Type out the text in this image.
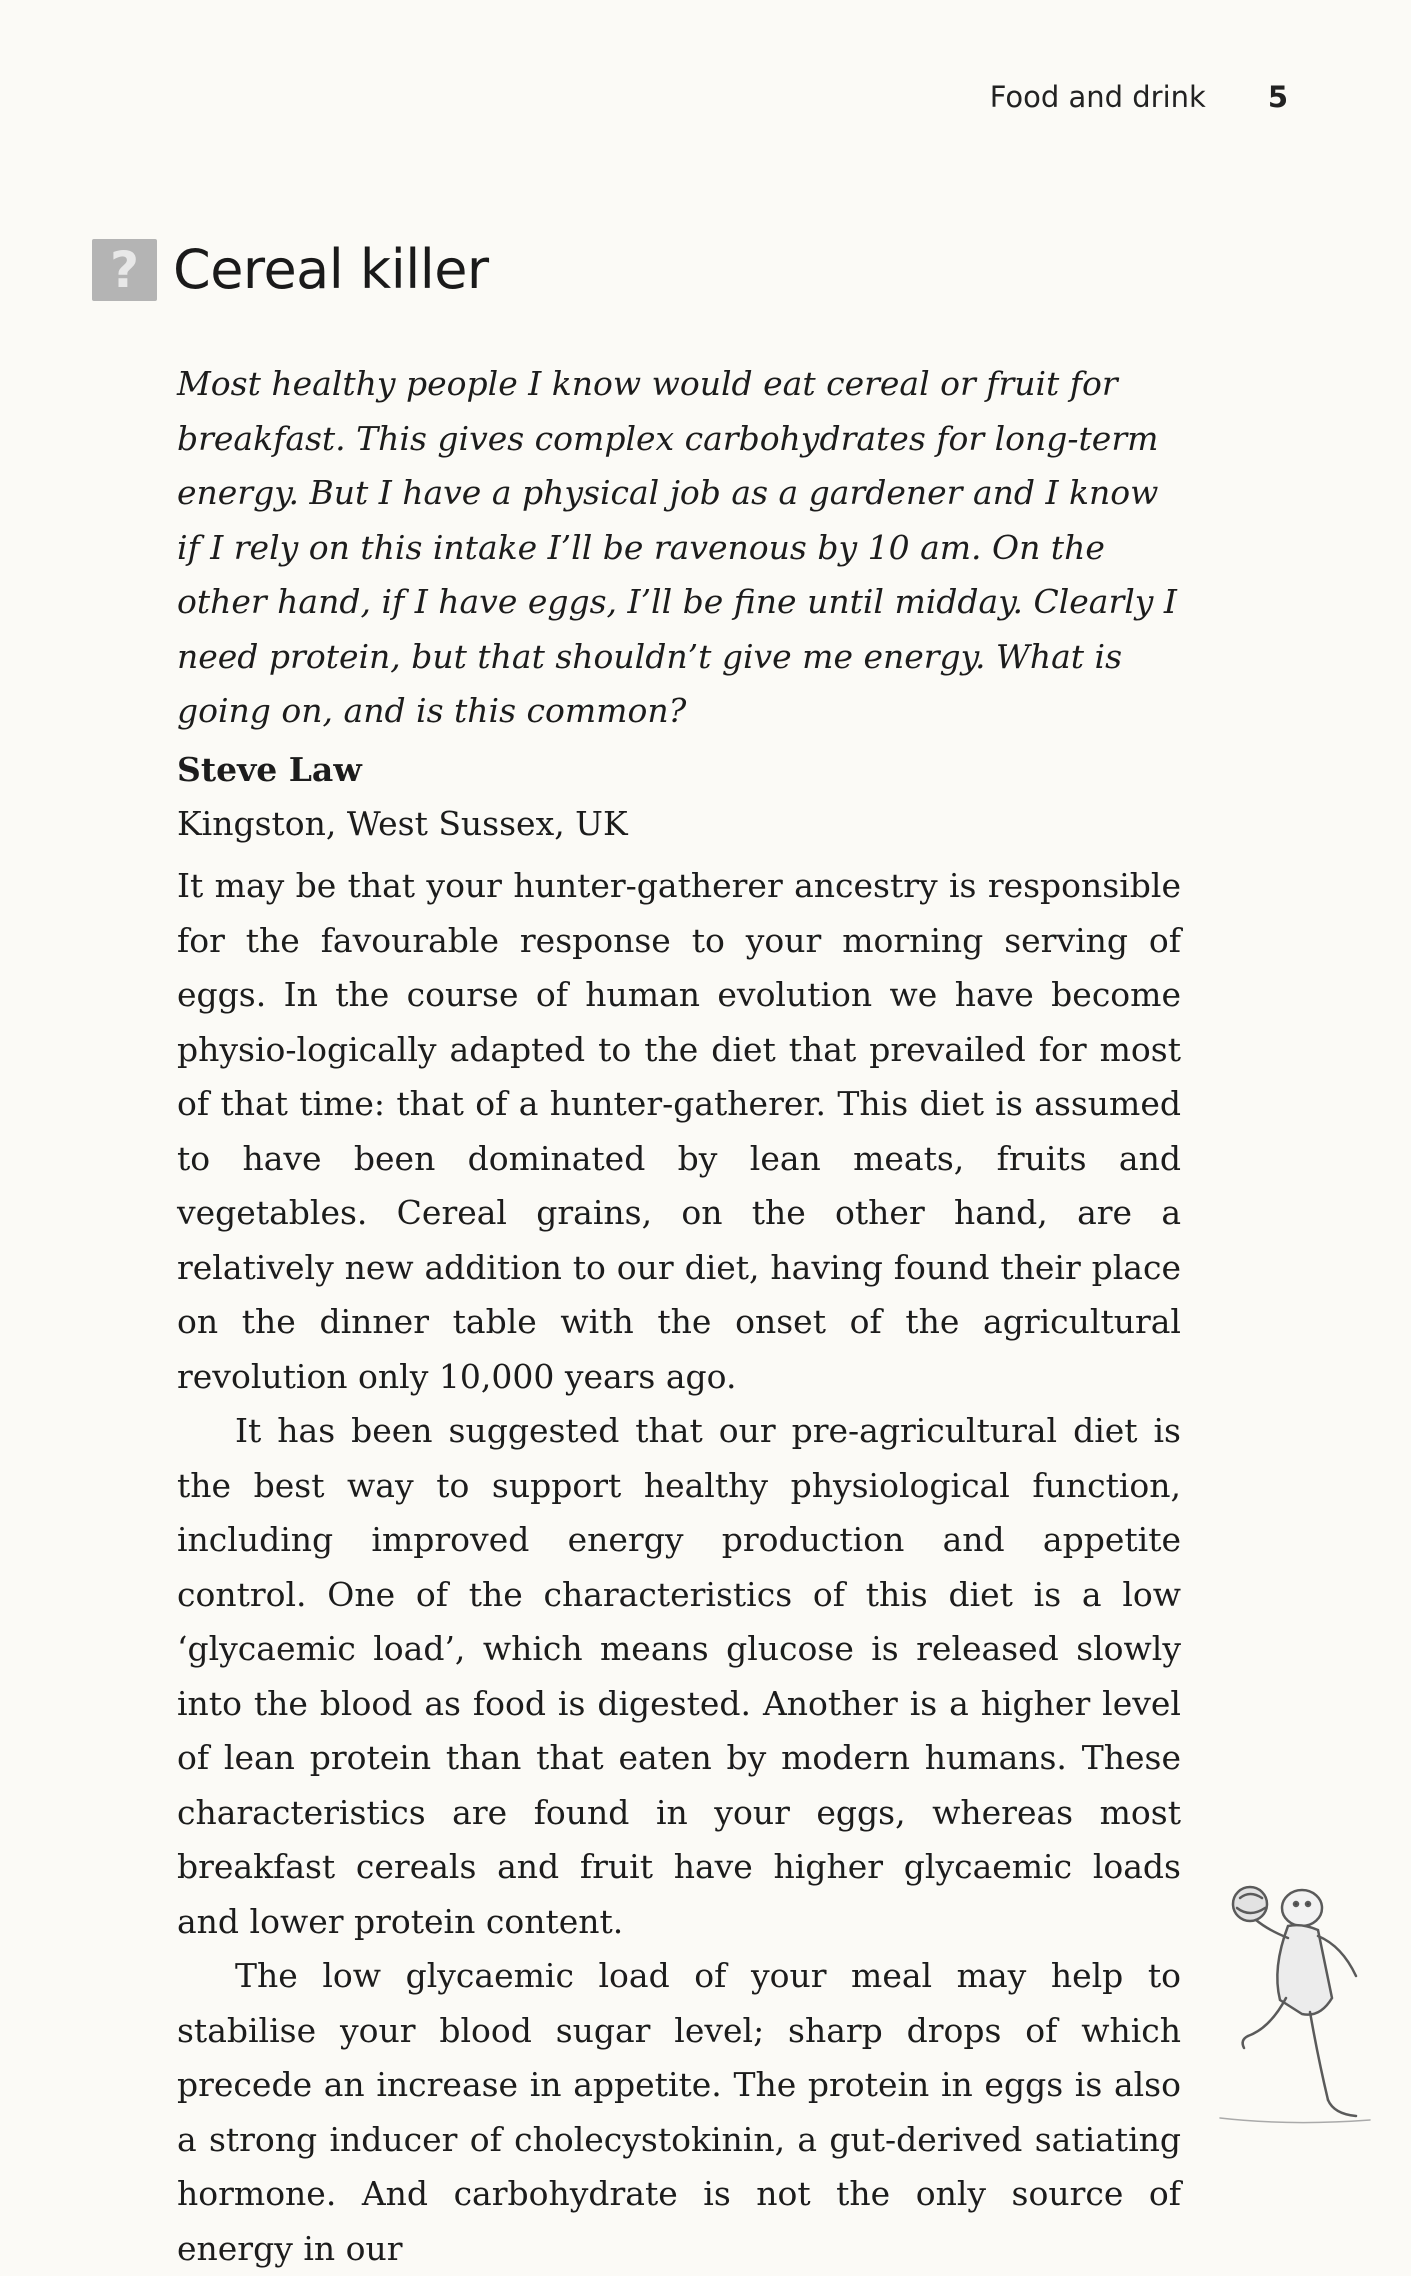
Food and drink 5
? Cereal killer

Most healthy people I know would eat cereal or fruit for breakfast. This gives complex carbohydrates for long-term energy. But I have a physical job as a gardener and I know if I rely on this intake I’ll be ravenous by 10 am. On the other hand, if I have eggs, I’ll be fine until midday. Clearly I need protein, but that shouldn’t give me energy. What is going on, and is this common?

Steve Law
Kingston, West Sussex, UK

It may be that your hunter-gatherer ancestry is responsible for the favourable response to your morning serving of eggs. In the course of human evolution we have become physio-logically adapted to the diet that prevailed for most of that time: that of a hunter-gatherer. This diet is assumed to have been dominated by lean meats, fruits and vegetables. Cereal grains, on the other hand, are a relatively new addition to our diet, having found their place on the dinner table with the onset of the agricultural revolution only 10,000 years ago.

It has been suggested that our pre-agricultural diet is the best way to support healthy physiological function, including improved energy production and appetite control. One of the characteristics of this diet is a low ‘glycaemic load’, which means glucose is released slowly into the blood as food is digested. Another is a higher level of lean protein than that eaten by modern humans. These characteristics are found in your eggs, whereas most breakfast cereals and fruit have higher glycaemic loads and lower protein content.

The low glycaemic load of your meal may help to stabilise your blood sugar level; sharp drops of which precede an increase in appetite. The protein in eggs is also a strong inducer of cholecystokinin, a gut-derived satiating hormone. And carbohydrate is not the only source of energy in our
